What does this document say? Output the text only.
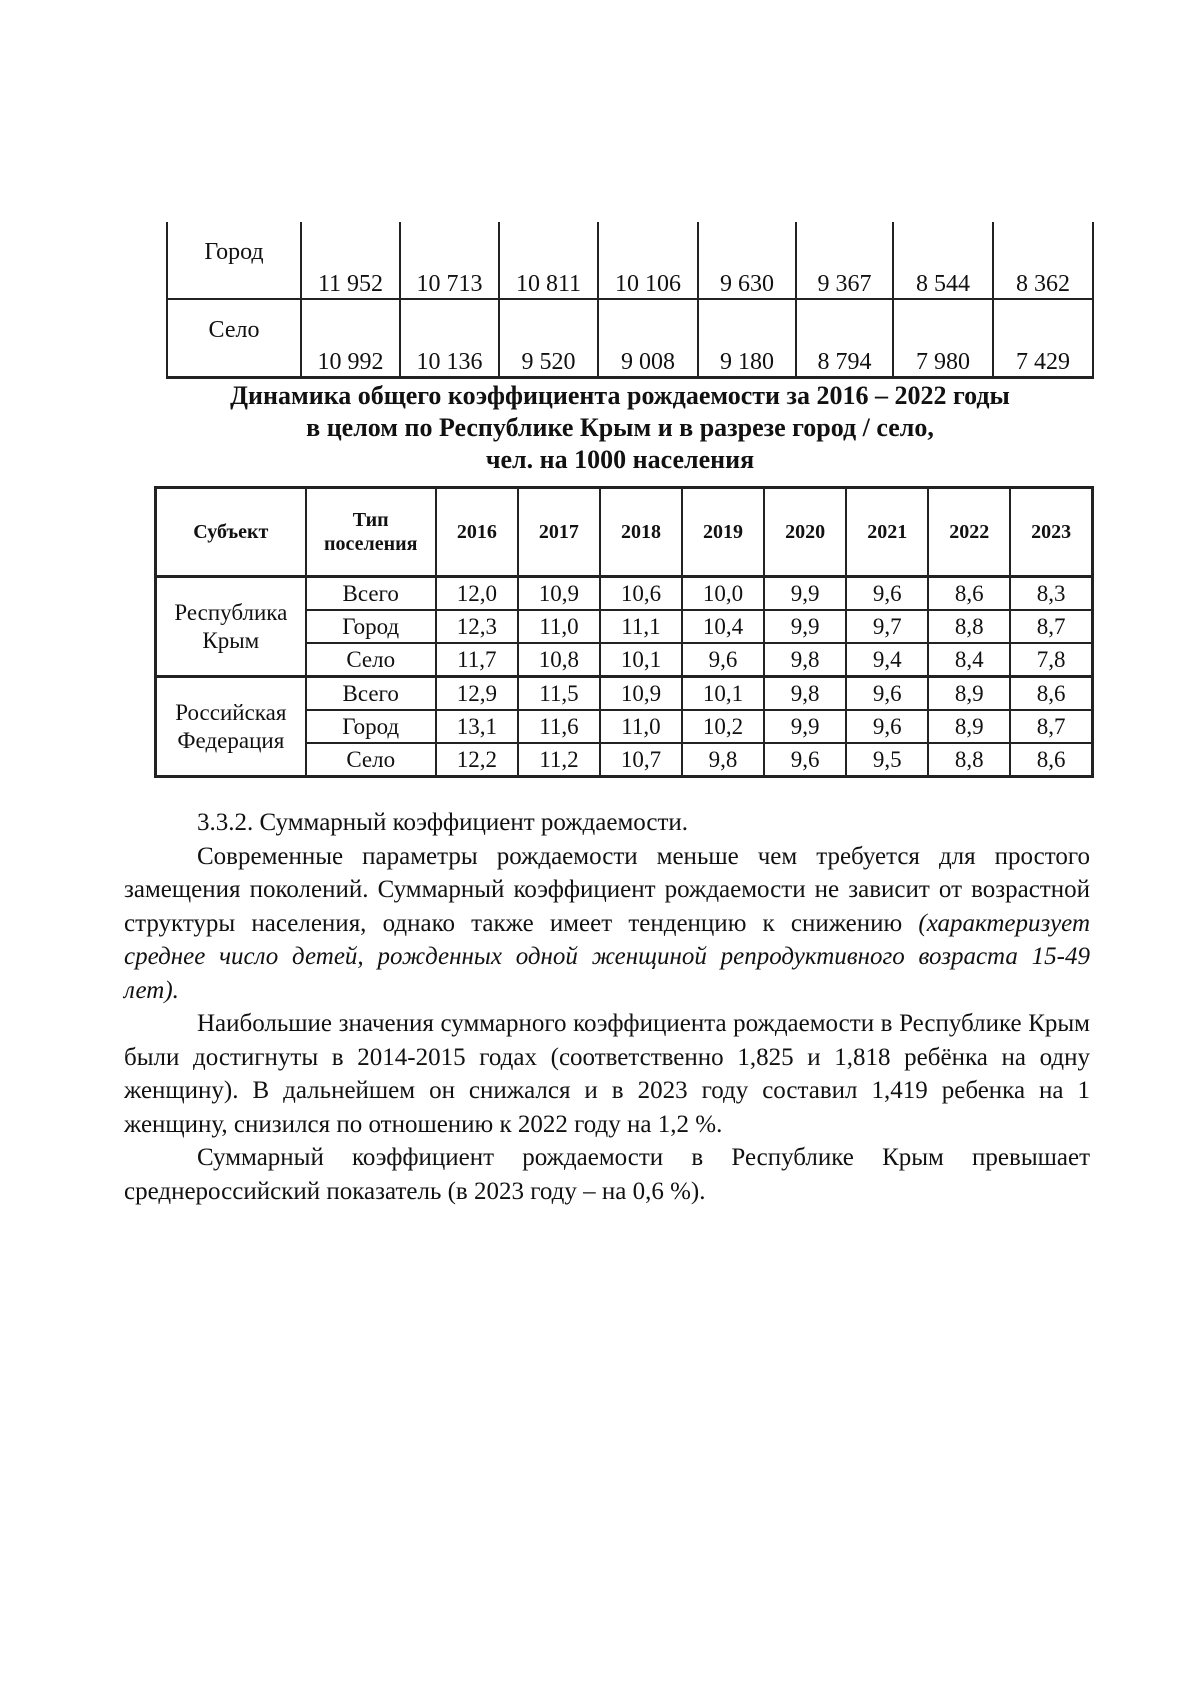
Город	11 952	10 713	10 811	10 106	9 630	9 367	8 544	8 362
Село	10 992	10 136	9 520	9 008	9 180	8 794	7 980	7 429
Динамика общего коэффициента рождаемости за 2016 – 2022 годы
в целом по Республике Крым и в разрезе город / село,
чел. на 1000 населения
Субъект	Тип поселения	2016	2017	2018	2019	2020	2021	2022	2023
Республика Крым	Всего	12,0	10,9	10,6	10,0	9,9	9,6	8,6	8,3
	Город	12,3	11,0	11,1	10,4	9,9	9,7	8,8	8,7
	Село	11,7	10,8	10,1	9,6	9,8	9,4	8,4	7,8
Российская Федерация	Всего	12,9	11,5	10,9	10,1	9,8	9,6	8,9	8,6
	Город	13,1	11,6	11,0	10,2	9,9	9,6	8,9	8,7
	Село	12,2	11,2	10,7	9,8	9,6	9,5	8,8	8,6

3.3.2. Суммарный коэффициент рождаемости.

Современные параметры рождаемости меньше чем требуется для простого замещения поколений. Суммарный коэффициент рождаемости не зависит от возрастной структуры населения, однако также имеет тенденцию к снижению (характеризует среднее число детей, рожденных одной женщиной репродуктивного возраста 15-49 лет).

Наибольшие значения суммарного коэффициента рождаемости в Республике Крым были достигнуты в 2014-2015 годах (соответственно 1,825 и 1,818 ребёнка на одну женщину). В дальнейшем он снижался и в 2023 году составил 1,419 ребенка на 1 женщину, снизился по отношению к 2022 году на 1,2 %.

Суммарный коэффициент рождаемости в Республике Крым превышает среднероссийский показатель (в 2023 году – на 0,6 %).
